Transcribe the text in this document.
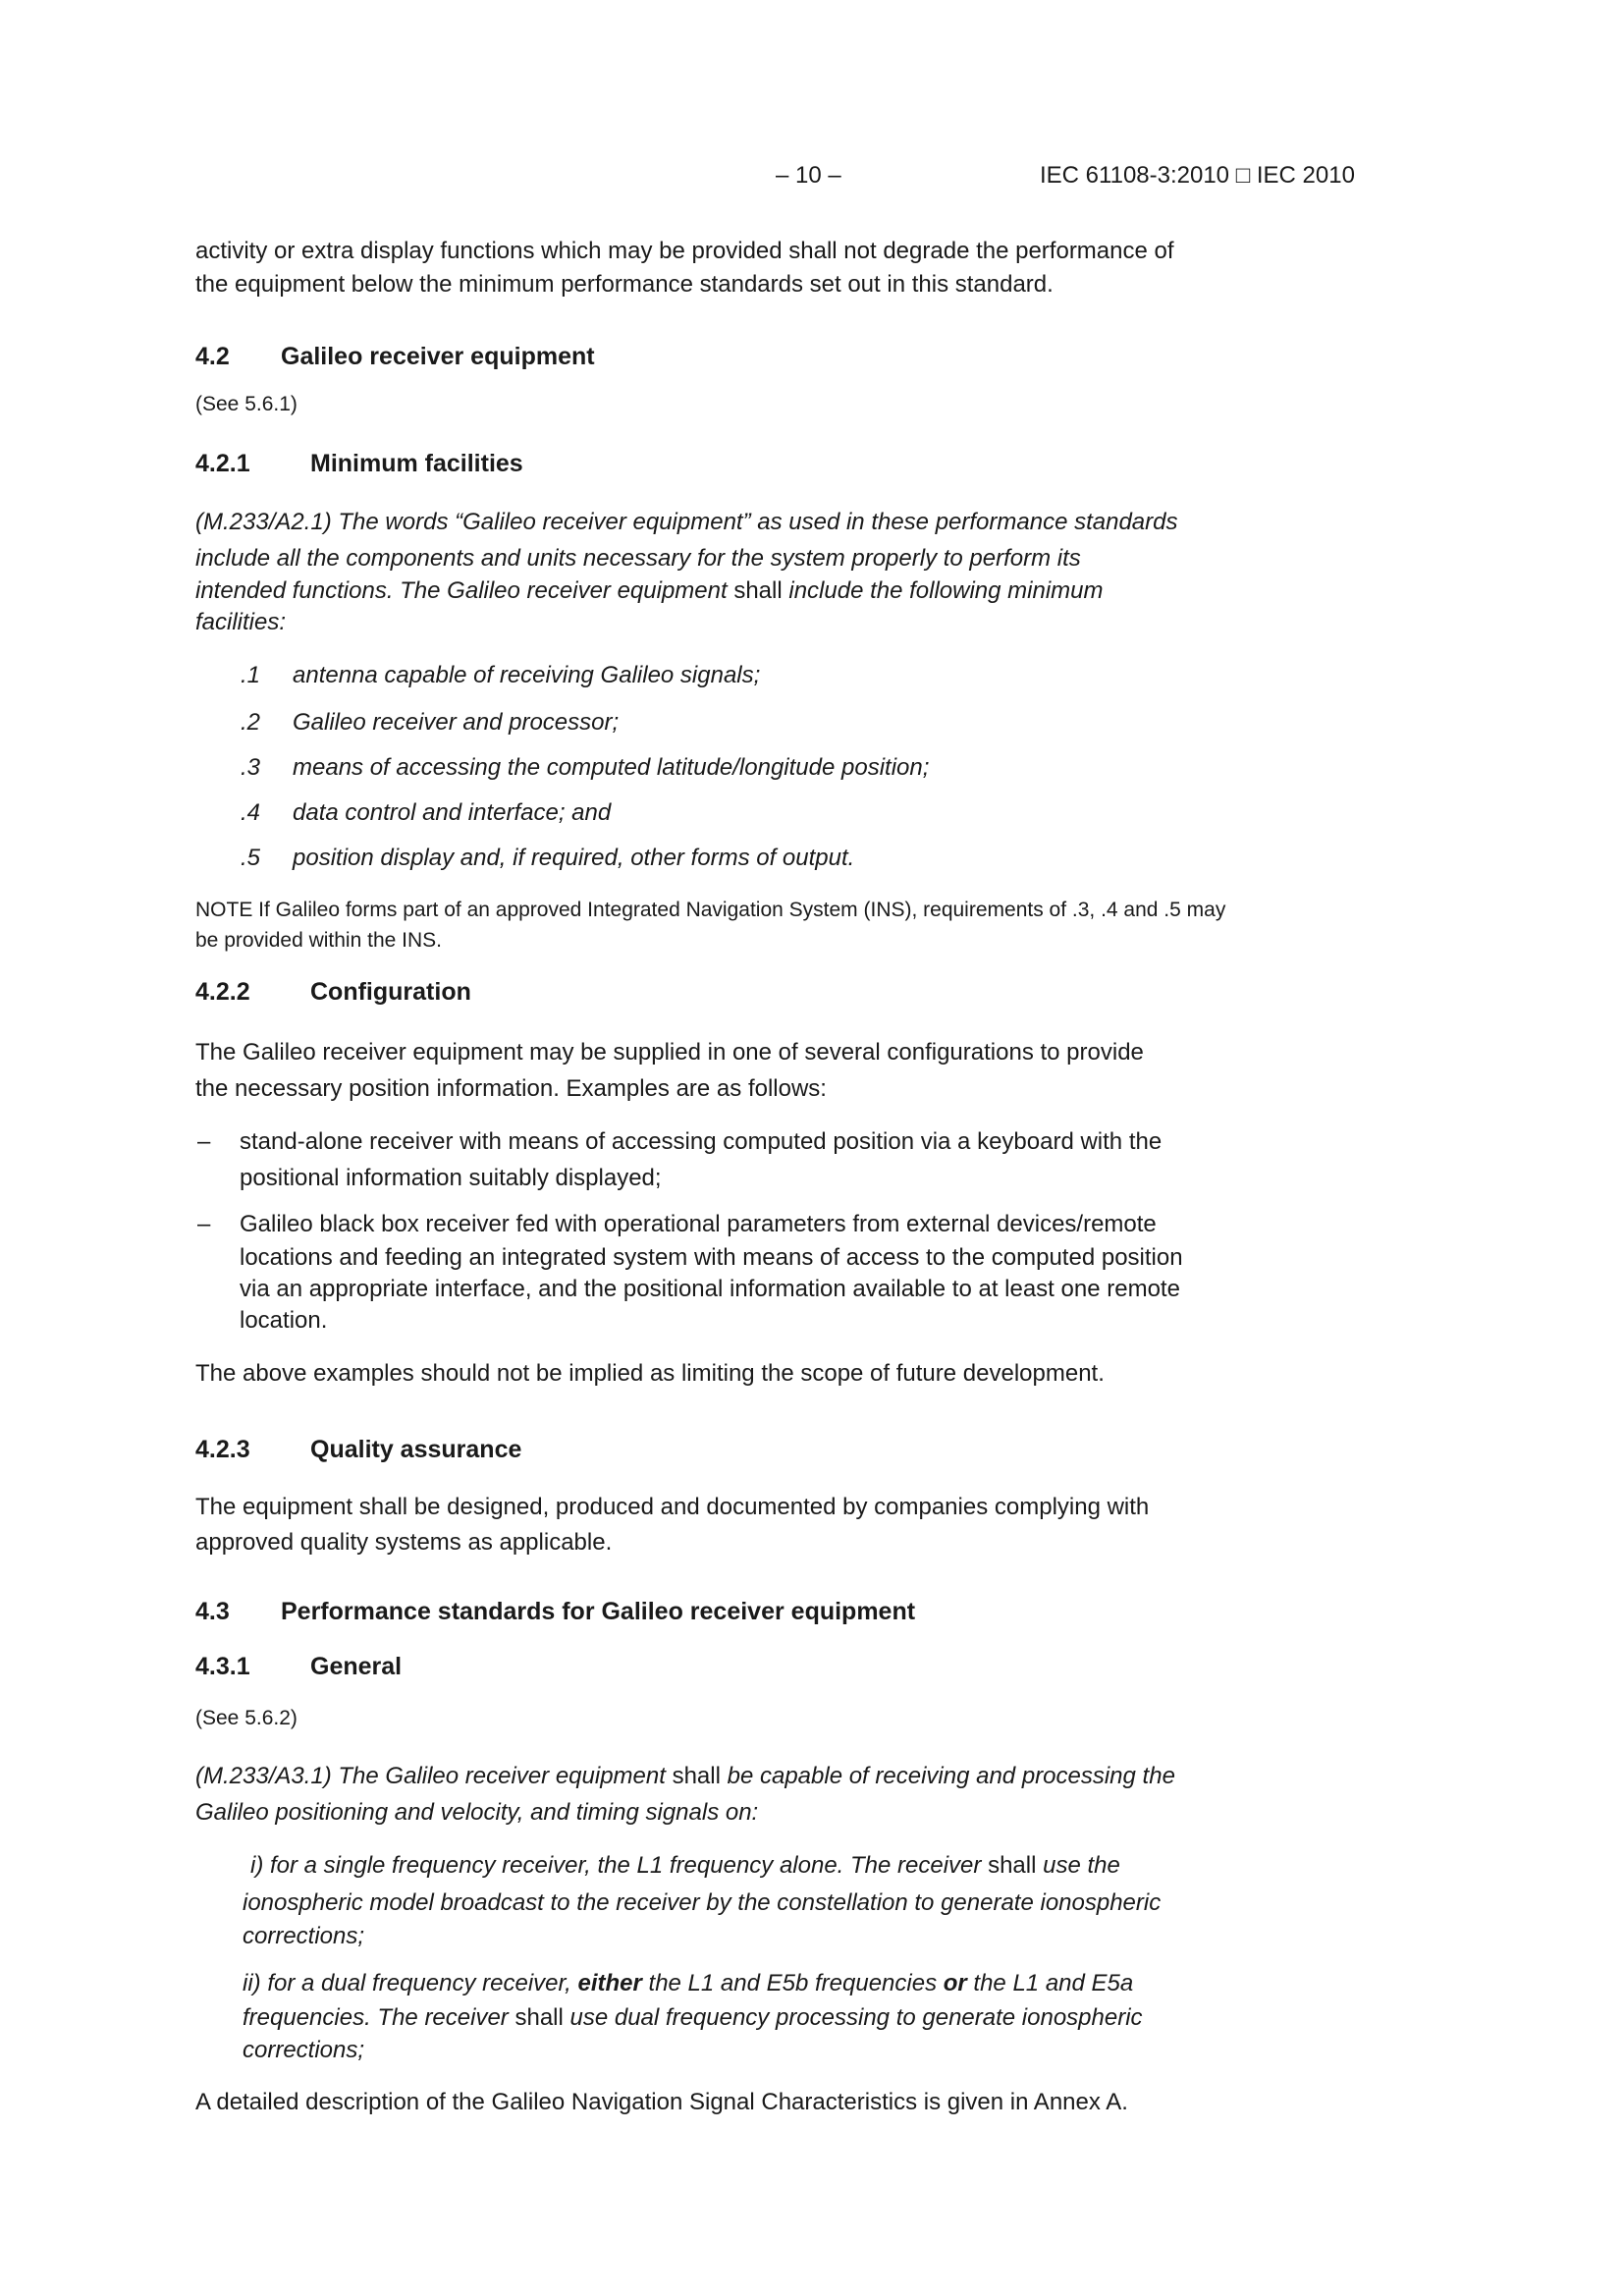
– 10 –	IEC 61108-3:2010 □ IEC 2010
activity or extra display functions which may be provided shall not degrade the performance of
the equipment below the minimum performance standards set out in this standard.
4.2 Galileo receiver equipment
(See 5.6.1)
4.2.1 Minimum facilities
(M.233/A2.1) The words “Galileo receiver equipment” as used in these performance standards
include all the components and units necessary for the system properly to perform its
intended functions. The Galileo receiver equipment shall include the following minimum
facilities:
.1 antenna capable of receiving Galileo signals;
.2 Galileo receiver and processor;
.3 means of accessing the computed latitude/longitude position;
.4 data control and interface; and
.5 position display and, if required, other forms of output.
NOTE If Galileo forms part of an approved Integrated Navigation System (INS), requirements of .3, .4 and .5 may
be provided within the INS.
4.2.2 Configuration
The Galileo receiver equipment may be supplied in one of several configurations to provide
the necessary position information. Examples are as follows:
– stand-alone receiver with means of accessing computed position via a keyboard with the
positional information suitably displayed;
– Galileo black box receiver fed with operational parameters from external devices/remote
locations and feeding an integrated system with means of access to the computed position
via an appropriate interface, and the positional information available to at least one remote
location.
The above examples should not be implied as limiting the scope of future development.
4.2.3 Quality assurance
The equipment shall be designed, produced and documented by companies complying with
approved quality systems as applicable.
4.3 Performance standards for Galileo receiver equipment
4.3.1 General
(See 5.6.2)
(M.233/A3.1) The Galileo receiver equipment shall be capable of receiving and processing the
Galileo positioning and velocity, and timing signals on:
i) for a single frequency receiver, the L1 frequency alone. The receiver shall use the
ionospheric model broadcast to the receiver by the constellation to generate ionospheric
corrections;
ii) for a dual frequency receiver, either the L1 and E5b frequencies or the L1 and E5a
frequencies. The receiver shall use dual frequency processing to generate ionospheric
corrections;
A detailed description of the Galileo Navigation Signal Characteristics is given in Annex A.
